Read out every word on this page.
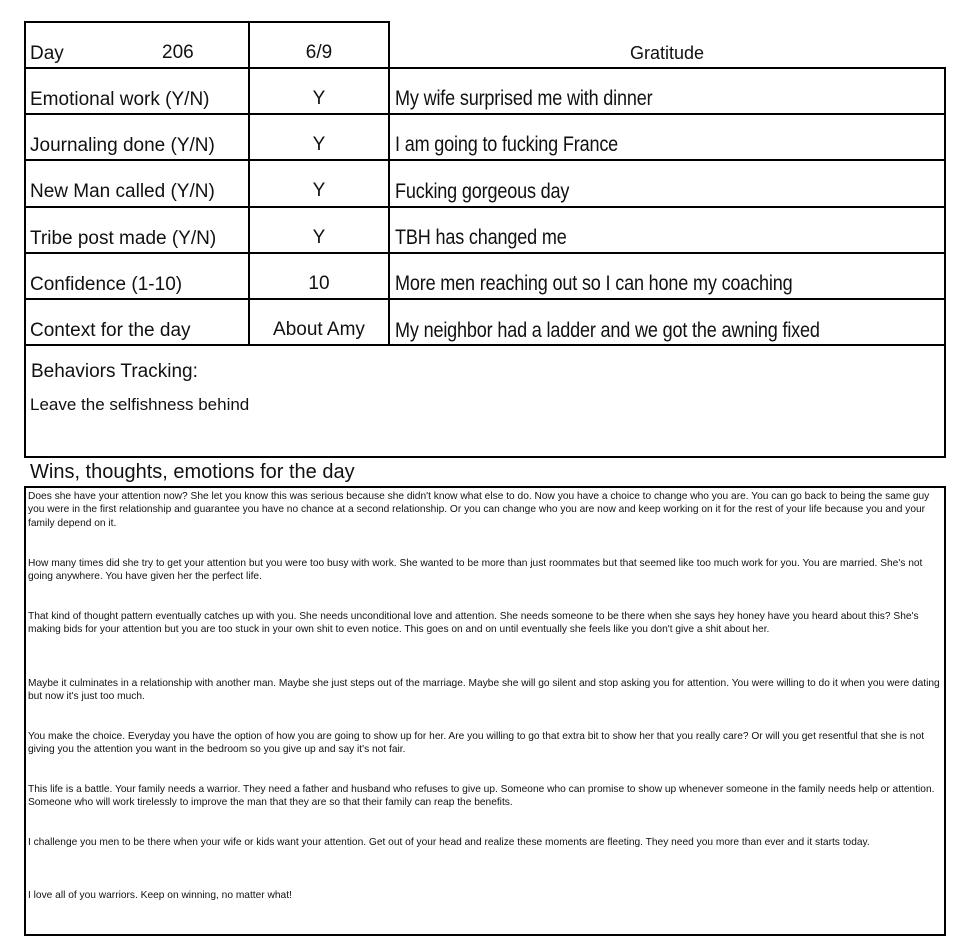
Day	206	6/9	Gratitude
Emotional work (Y/N)	Y	My wife surprised me with dinner
Journaling done (Y/N)	Y	I am going to fucking France
New Man called (Y/N)	Y	Fucking gorgeous day
Tribe post made (Y/N)	Y	TBH has changed me
Confidence (1-10)	10	More men reaching out so I can hone my coaching
Context for the day	About Amy	My neighbor had a ladder and we got the awning fixed
Behaviors Tracking:
Leave the selfishness behind
Wins, thoughts, emotions for the day
Does she have your attention now? She let you know this was serious because she didn't know what else to do. Now you have a choice to change who you are. You can go back to being the same guy you were in the first relationship and guarantee you have no chance at a second relationship. Or you can change who you are now and keep working on it for the rest of your life because you and your family depend on it.
How many times did she try to get your attention but you were too busy with work. She wanted to be more than just roommates but that seemed like too much work for you. You are married. She's not going anywhere. You have given her the perfect life.
That kind of thought pattern eventually catches up with you. She needs unconditional love and attention. She needs someone to be there when she says hey honey have you heard about this? She's making bids for your attention but you are too stuck in your own shit to even notice. This goes on and on until eventually she feels like you don't give a shit about her.
Maybe it culminates in a relationship with another man. Maybe she just steps out of the marriage. Maybe she will go silent and stop asking you for attention. You were willing to do it when you were dating but now it's just too much.
You make the choice. Everyday you have the option of how you are going to show up for her. Are you willing to go that extra bit to show her that you really care? Or will you get resentful that she is not giving you the attention you want in the bedroom so you give up and say it's not fair.
This life is a battle. Your family needs a warrior. They need a father and husband who refuses to give up. Someone who can promise to show up whenever someone in the family needs help or attention. Someone who will work tirelessly to improve the man that they are so that their family can reap the benefits.
I challenge you men to be there when your wife or kids want your attention. Get out of your head and realize these moments are fleeting. They need you more than ever and it starts today.
I love all of you warriors. Keep on winning, no matter what!
